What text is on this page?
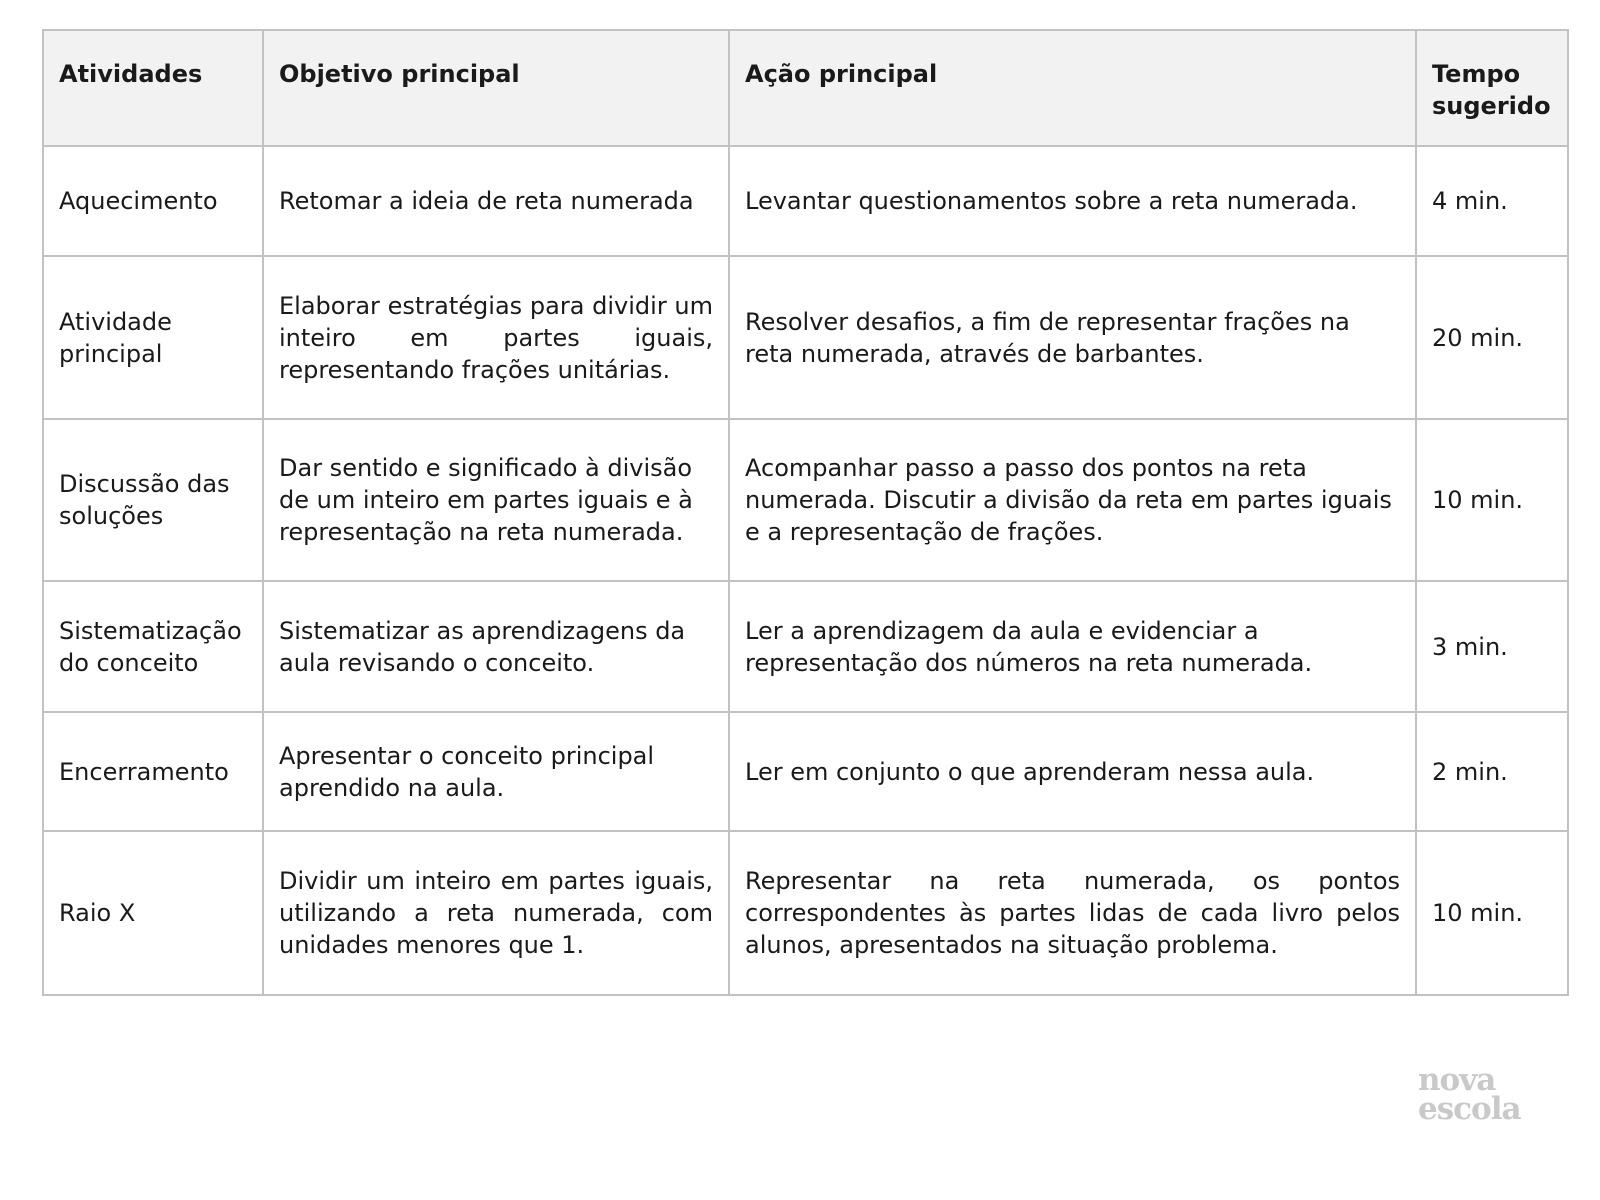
Atividades	Objetivo principal	Ação principal	Tempo sugerido
Aquecimento	Retomar a ideia de reta numerada	Levantar questionamentos sobre a reta numerada.	4 min.
Atividade principal	Elaborar estratégias para dividir um inteiro em partes iguais, representando frações unitárias.	Resolver desafios, a fim de representar frações na reta numerada, através de barbantes.	20 min.
Discussão das soluções	Dar sentido e significado à divisão de um inteiro em partes iguais e à representação na reta numerada.	Acompanhar passo a passo dos pontos na reta numerada. Discutir a divisão da reta em partes iguais e a representação de frações.	10 min.
Sistematização do conceito	Sistematizar as aprendizagens da aula revisando o conceito.	Ler a aprendizagem da aula e evidenciar a representação dos números na reta numerada.	3 min.
Encerramento	Apresentar o conceito principal aprendido na aula.	Ler em conjunto o que aprenderam nessa aula.	2 min.
Raio X	Dividir um inteiro em partes iguais, utilizando a reta numerada, com unidades menores que 1.	Representar na reta numerada, os pontos correspondentes às partes lidas de cada livro pelos alunos, apresentados na situação problema.	10 min.
nova
escola
